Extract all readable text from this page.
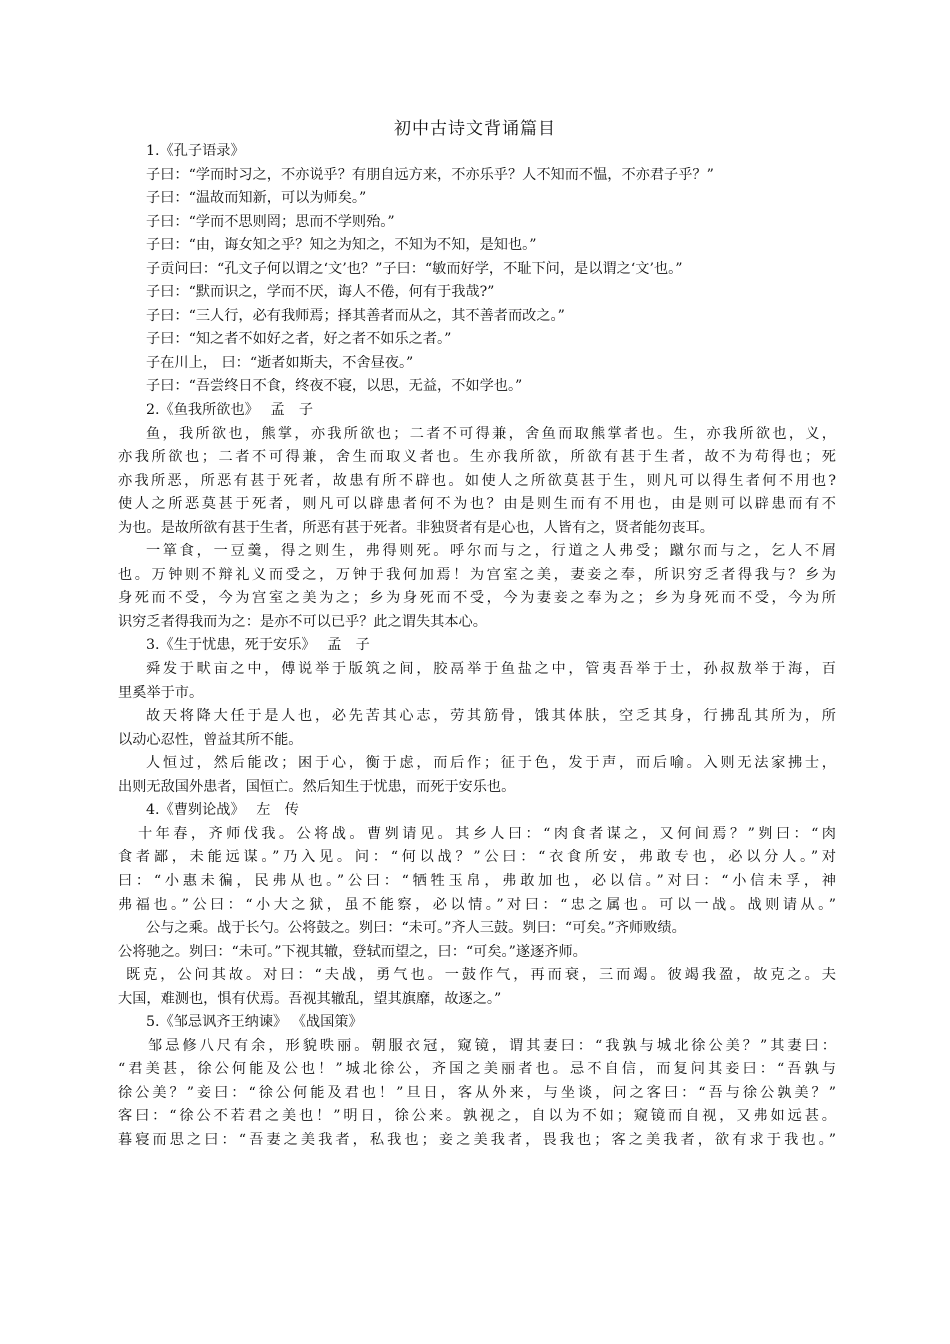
初中古诗文背诵篇目
1.《孔子语录》
子曰：“学而时习之，不亦说乎？有朋自远方来，不亦乐乎？人不知而不愠，不亦君子乎？”
子曰：“温故而知新，可以为师矣。”
子曰：“学而不思则罔；思而不学则殆。”
子曰：“由，诲女知之乎？知之为知之，不知为不知，是知也。”
子贡问曰：“孔文子何以谓之‘文’也？”子曰：“敏而好学，不耻下问，是以谓之‘文’也。”
子曰：“默而识之，学而不厌，诲人不倦，何有于我哉?”
子曰：“三人行，必有我师焉；择其善者而从之，其不善者而改之。”
子曰：“知之者不如好之者，好之者不如乐之者。”
子在川上， 曰：“逝者如斯夫，不舍昼夜。”
子曰：“吾尝终日不食，终夜不寝，以思，无益，不如学也。”
2.《鱼我所欲也》　 孟　子
鱼，我所欲也，熊掌，亦我所欲也；二者不可得兼，舍鱼而取熊掌者也。生，亦我所欲也，义，
亦我所欲也；二者不可得兼，舍生而取义者也。生亦我所欲，所欲有甚于生者，故不为苟得也；死
亦我所恶，所恶有甚于死者，故患有所不辟也。如使人之所欲莫甚于生，则凡可以得生者何不用也?
使人之所恶莫甚于死者，则凡可以辟患者何不为也？由是则生而有不用也，由是则可以辟患而有不
为也。是故所欲有甚于生者，所恶有甚于死者。非独贤者有是心也，人皆有之，贤者能勿丧耳。
一箪食，一豆羹，得之则生，弗得则死。呼尔而与之，行道之人弗受；蹴尔而与之，乞人不屑
也。万钟则不辩礼义而受之，万钟于我何加焉！为宫室之美，妻妾之奉，所识穷乏者得我与？乡为
身死而不受，今为宫室之美为之；乡为身死而不受，今为妻妾之奉为之；乡为身死而不受，今为所
识穷乏者得我而为之：是亦不可以已乎？此之谓失其本心。
3.《生于忧患，死于安乐》　 孟　子
舜发于畎亩之中，傅说举于版筑之间，胶鬲举于鱼盐之中，管夷吾举于士，孙叔敖举于海，百
里奚举于市。
故天将降大任于是人也，必先苦其心志，劳其筋骨，饿其体肤，空乏其身，行拂乱其所为，所
以动心忍性，曾益其所不能。
人恒过，然后能改；困于心，衡于虑，而后作；征于色，发于声，而后喻。入则无法家拂士，
出则无敌国外患者，国恒亡。然后知生于忧患，而死于安乐也。
4.《曹刿论战》　 左　传
十年春，齐师伐我。公将战。曹刿请见。其乡人曰：“肉食者谋之，又何间焉？”刿曰：“肉
食者鄙，未能远谋。”乃入见。问：“何以战？”公曰：“衣食所安，弗敢专也，必以分人。”对
曰：“小惠未徧，民弗从也。”公曰：“牺牲玉帛，弗敢加也，必以信。”对曰：“小信未孚，神
弗福也。”公曰：“小大之狱，虽不能察，必以情。”对曰：“忠之属也。可以一战。战则请从。”
公与之乘。战于长勺。公将鼓之。刿曰：“未可。”齐人三鼓。刿曰：“可矣。”齐师败绩。
公将驰之。刿曰：“未可。”下视其辙，登轼而望之，曰：“可矣。”遂逐齐师。
既克，公问其故。对曰：“夫战，勇气也。一鼓作气，再而衰，三而竭。彼竭我盈，故克之。夫
大国，难测也，惧有伏焉。吾视其辙乱，望其旗靡，故逐之。”
5.《邹忌讽齐王纳谏》 《战国策》
邹忌修八尺有余，形貌昳丽。朝服衣冠，窥镜，谓其妻曰：“我孰与城北徐公美？”其妻曰：
“君美甚，徐公何能及公也！”城北徐公，齐国之美丽者也。忌不自信，而复问其妾曰：“吾孰与
徐公美？”妾曰：“徐公何能及君也！”旦日，客从外来，与坐谈，问之客曰：“吾与徐公孰美？”
客曰：“徐公不若君之美也！”明日，徐公来。孰视之，自以为不如；窥镜而自视，又弗如远甚。
暮寝而思之曰：“吾妻之美我者，私我也；妾之美我者，畏我也；客之美我者，欲有求于我也。”
